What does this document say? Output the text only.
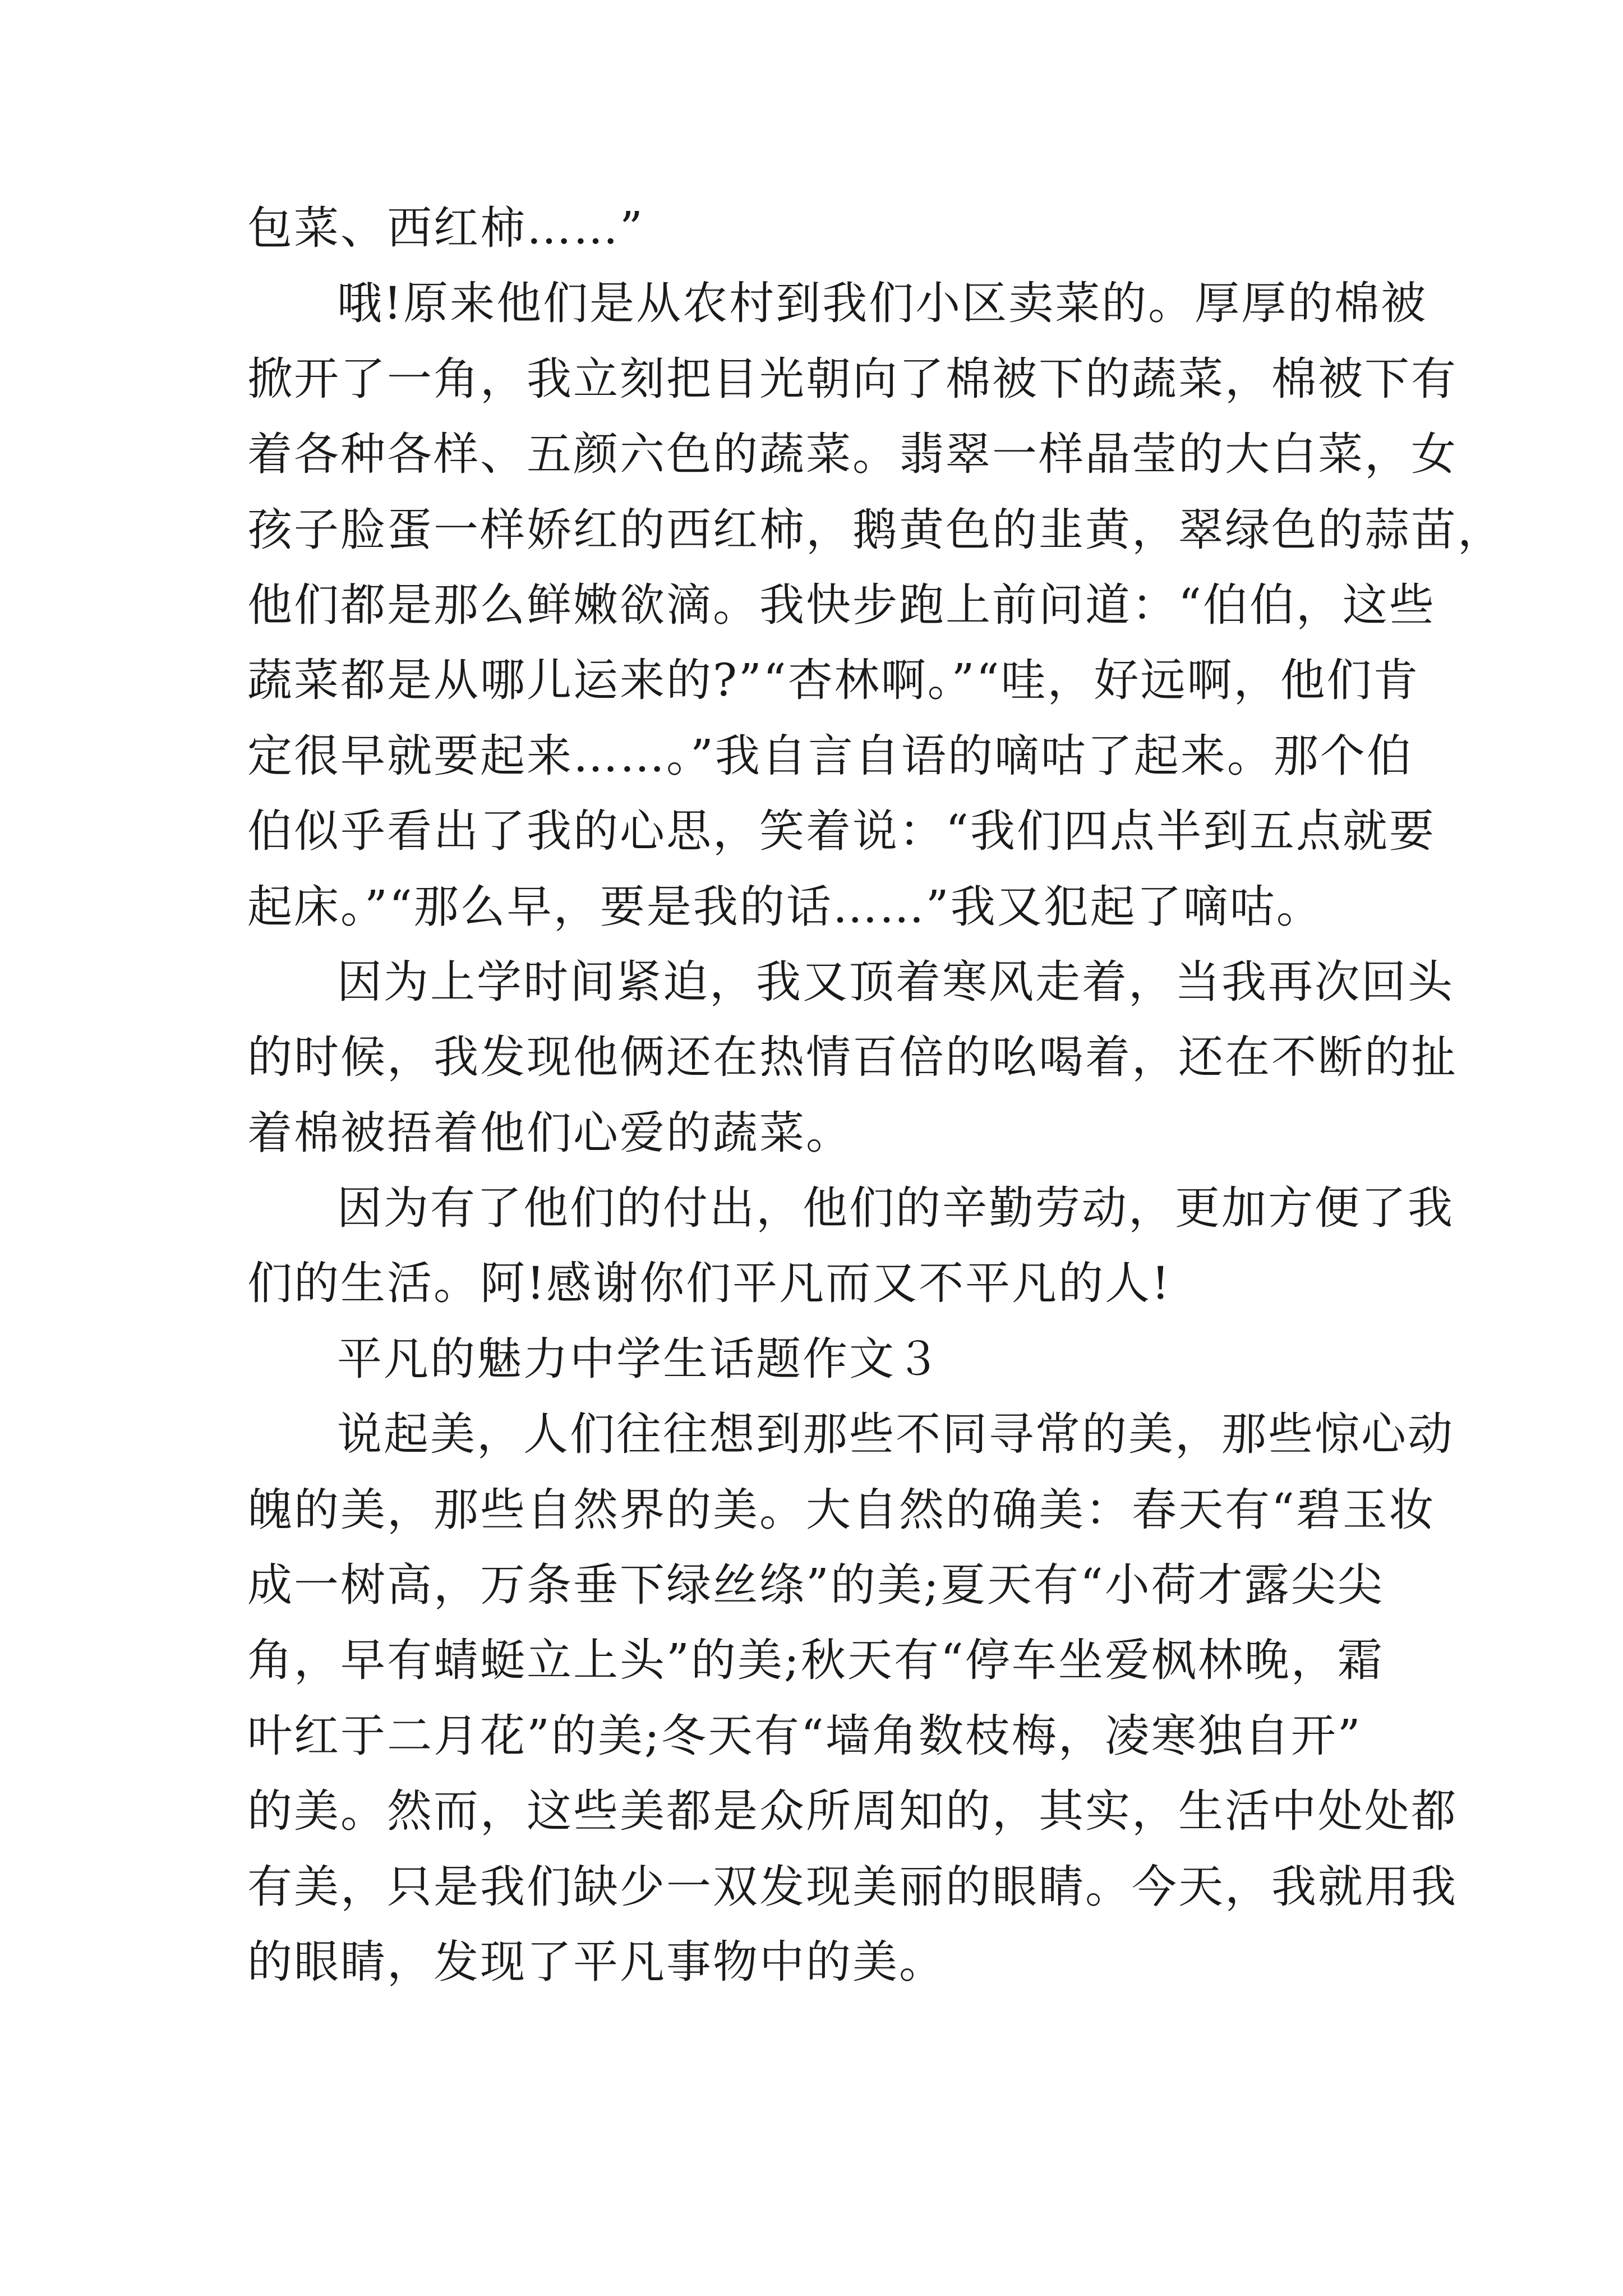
包菜、西红柿……”
哦!原来他们是从农村到我们小区卖菜的。厚厚的棉被
掀开了一角，我立刻把目光朝向了棉被下的蔬菜，棉被下有
着各种各样、五颜六色的蔬菜。翡翠一样晶莹的大白菜，女
孩子脸蛋一样娇红的西红柿，鹅黄色的韭黄，翠绿色的蒜苗，
他们都是那么鲜嫩欲滴。我快步跑上前问道：“伯伯，这些
蔬菜都是从哪儿运来的?”“杏林啊。”“哇，好远啊，他们肯
定很早就要起来……。”我自言自语的嘀咕了起来。那个伯
伯似乎看出了我的心思，笑着说：“我们四点半到五点就要
起床。”“那么早，要是我的话……”我又犯起了嘀咕。
因为上学时间紧迫，我又顶着寒风走着，当我再次回头
的时候，我发现他俩还在热情百倍的吆喝着，还在不断的扯
着棉被捂着他们心爱的蔬菜。
因为有了他们的付出，他们的辛勤劳动，更加方便了我
们的生活。阿!感谢你们平凡而又不平凡的人!
平凡的魅力中学生话题作文３
说起美，人们往往想到那些不同寻常的美，那些惊心动
魄的美，那些自然界的美。大自然的确美：春天有“碧玉妆
成一树高，万条垂下绿丝绦”的美;夏天有“小荷才露尖尖
角，早有蜻蜓立上头”的美;秋天有“停车坐爱枫林晚，霜
叶红于二月花”的美;冬天有“墙角数枝梅，凌寒独自开”
的美。然而，这些美都是众所周知的，其实，生活中处处都
有美，只是我们缺少一双发现美丽的眼睛。今天，我就用我
的眼睛，发现了平凡事物中的美。
